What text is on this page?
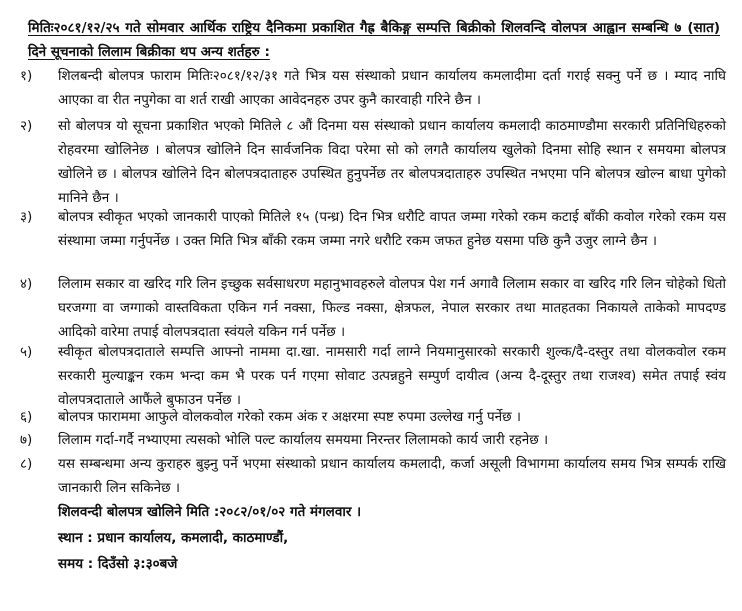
मितिः२०८१/१२/२५ गते सोमवार आर्थिक राष्ट्रिय दैनिकमा प्रकाशित गैह्र बैकिङ्ग सम्पत्ति बिक्रीको शिलवन्दि वोलपत्र आह्वान सम्बन्धि ७ (सात) दिने सूचनाको लिलाम बिक्रीका थप अन्य शर्तहरु :
१)	शिलबन्दी बोलपत्र फाराम मितिः२०८१/१२/३१ गते भित्र यस संस्थाको प्रधान कार्यालय कमलादीमा दर्ता गराई सक्नु पर्ने छ । म्याद नाघि आएका वा रीत नपुगेका वा शर्त राखी आएका आवेदनहरु उपर कुनै कारवाही गरिने छैन ।
२)	सो बोलपत्र यो सूचना प्रकाशित भएको मितिले ८ औं दिनमा यस संस्थाको प्रधान कार्यालय कमलादी काठमाण्डौमा सरकारी प्रतिनिधिहरुको रोहवरमा खोलिनेछ । बोलपत्र खोलिने दिन सार्वजनिक विदा परेमा सो को लगतै कार्यालय खुलेको दिनमा सोहि स्थान र समयमा बोलपत्र खोलिने छ । बोलपत्र खोलिने दिन बोलपत्रदाताहरु उपस्थित हुनुपर्नेछ तर बोलपत्रदाताहरु उपस्थित नभएमा पनि बोलपत्र खोल्न बाधा पुगेको मानिने छैन ।
३)	बोलपत्र स्वीकृत भएको जानकारी पाएको मितिले १५ (पन्ध्र) दिन भित्र धरौटि वापत जम्मा गरेको रकम कटाई बाँकी कवोल गरेको रकम यस संस्थामा जम्मा गर्नुपर्नेछ । उक्त मिति भित्र बाँकी रकम जम्मा नगरे धरौटि रकम जफत हुनेछ यसमा पछि कुनै उजुर लाग्ने छैन ।
४)	लिलाम सकार वा खरिद गरि लिन इच्छुक सर्वसाधरण महानुभावहरुले वोलपत्र पेश गर्न अगावै लिलाम सकार वा खरिद गरि लिन चोहेको धितो घरजग्गा वा जग्गाको वास्तविकता एकिन गर्न नक्सा, फिल्ड नक्सा, क्षेत्रफल, नेपाल सरकार तथा मातहतका निकायले ताकेको मापदण्ड आदिको वारेमा तपाई वोलपत्रदाता स्वंयले यकिन गर्न पर्नेछ ।
५)	स्वीकृत बोलपत्रदाताले सम्पत्ति आफ्नो नाममा दा.खा. नामसारी गर्दा लाग्ने नियमानुसारको सरकारी शुल्क/दै-दस्तुर तथा वोलकवोल रकम सरकारी मुल्याङ्कन रकम भन्दा कम भै परक पर्न गएमा सोवाट उत्पन्नहुने सम्पुर्ण दायीत्व (अन्य दै-दूस्तुर तथा राजश्व) समेत तपाई स्वंय वोलपत्रदाताले आफैंले बुफाउन पर्नेछ ।
६)	बोलपत्र फाराममा आफुले वोलकवोल गरेको रकम अंक र अक्षरमा स्पष्ट रुपमा उल्लेख गर्नु पर्नेछ ।
७)	लिलाम गर्दा-गर्दै नभ्याएमा त्यसको भोलि पल्ट कार्यालय समयमा निरन्तर लिलामको कार्य जारी रहनेछ ।
८)	यस सम्बन्धमा अन्य कुराहरु बुझ्नु पर्ने भएमा संस्थाको प्रधान कार्यालय कमलादी, कर्जा असूली विभागमा कार्यालय समय भित्र सम्पर्क राखि जानकारी लिन सकिनेछ ।
शिलवन्दी बोलपत्र खोलिने मिति :२०८२/०१/०२ गते मंगलवार ।
स्थान : प्रधान कार्यालय, कमलादी, काठमाण्डौं,
समय : दिउँसो ३:३०बजे
